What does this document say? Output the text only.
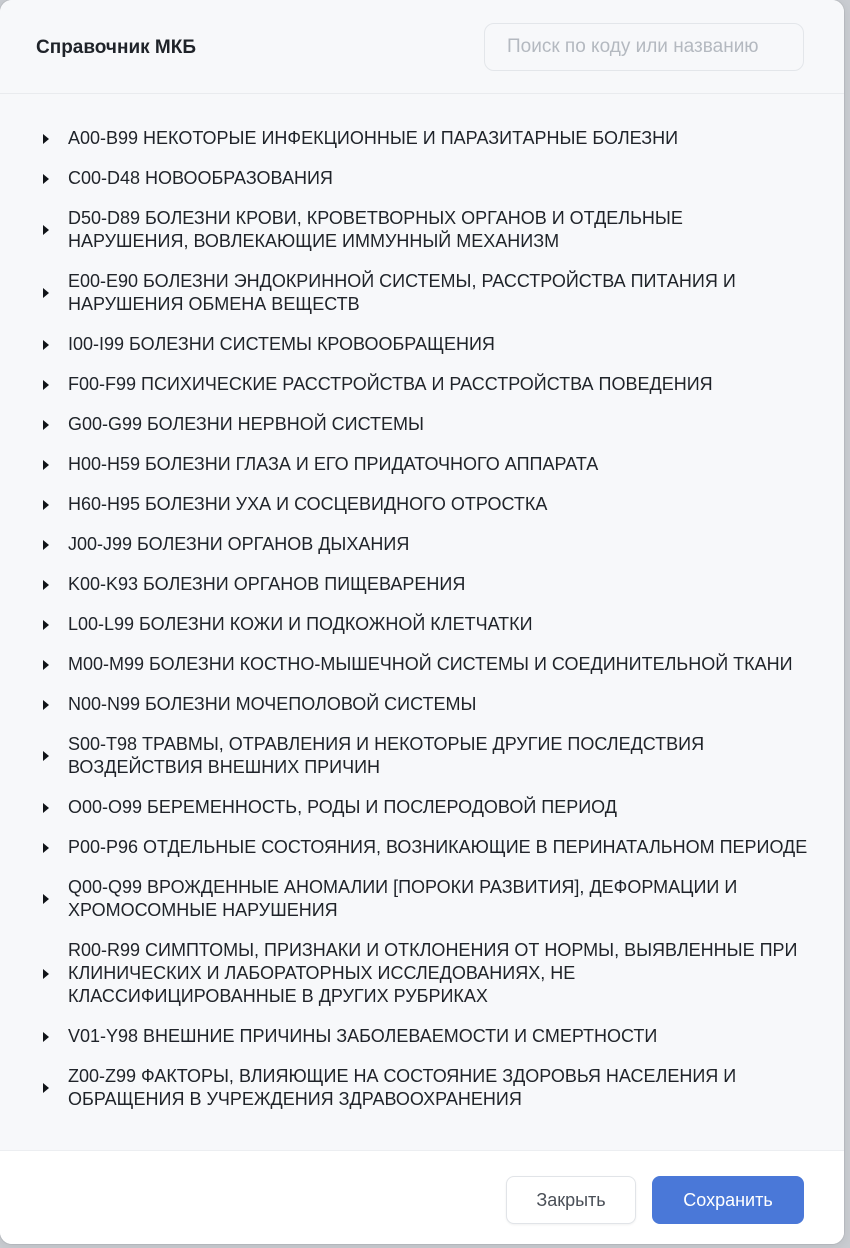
Справочник МКБ
Поиск по коду или названию
A00-B99 НЕКОТОРЫЕ ИНФЕКЦИОННЫЕ И ПАРАЗИТАРНЫЕ БОЛЕЗНИ
C00-D48 НОВООБРАЗОВАНИЯ
D50-D89 БОЛЕЗНИ КРОВИ, КРОВЕТВОРНЫХ ОРГАНОВ И ОТДЕЛЬНЫЕ НАРУШЕНИЯ, ВОВЛЕКАЮЩИЕ ИММУННЫЙ МЕХАНИЗМ
E00-E90 БОЛЕЗНИ ЭНДОКРИННОЙ СИСТЕМЫ, РАССТРОЙСТВА ПИТАНИЯ И НАРУШЕНИЯ ОБМЕНА ВЕЩЕСТВ
I00-I99 БОЛЕЗНИ СИСТЕМЫ КРОВООБРАЩЕНИЯ
F00-F99 ПСИХИЧЕСКИЕ РАССТРОЙСТВА И РАССТРОЙСТВА ПОВЕДЕНИЯ
G00-G99 БОЛЕЗНИ НЕРВНОЙ СИСТЕМЫ
H00-H59 БОЛЕЗНИ ГЛАЗА И ЕГО ПРИДАТОЧНОГО АППАРАТА
H60-H95 БОЛЕЗНИ УХА И СОСЦЕВИДНОГО ОТРОСТКА
J00-J99 БОЛЕЗНИ ОРГАНОВ ДЫХАНИЯ
K00-K93 БОЛЕЗНИ ОРГАНОВ ПИЩЕВАРЕНИЯ
L00-L99 БОЛЕЗНИ КОЖИ И ПОДКОЖНОЙ КЛЕТЧАТКИ
M00-M99 БОЛЕЗНИ КОСТНО-МЫШЕЧНОЙ СИСТЕМЫ И СОЕДИНИТЕЛЬНОЙ ТКАНИ
N00-N99 БОЛЕЗНИ МОЧЕПОЛОВОЙ СИСТЕМЫ
S00-T98 ТРАВМЫ, ОТРАВЛЕНИЯ И НЕКОТОРЫЕ ДРУГИЕ ПОСЛЕДСТВИЯ ВОЗДЕЙСТВИЯ ВНЕШНИХ ПРИЧИН
O00-O99 БЕРЕМЕННОСТЬ, РОДЫ И ПОСЛЕРОДОВОЙ ПЕРИОД
P00-P96 ОТДЕЛЬНЫЕ СОСТОЯНИЯ, ВОЗНИКАЮЩИЕ В ПЕРИНАТАЛЬНОМ ПЕРИОДЕ
Q00-Q99 ВРОЖДЕННЫЕ АНОМАЛИИ [ПОРОКИ РАЗВИТИЯ], ДЕФОРМАЦИИ И ХРОМОСОМНЫЕ НАРУШЕНИЯ
R00-R99 СИМПТОМЫ, ПРИЗНАКИ И ОТКЛОНЕНИЯ ОТ НОРМЫ, ВЫЯВЛЕННЫЕ ПРИ КЛИНИЧЕСКИХ И ЛАБОРАТОРНЫХ ИССЛЕДОВАНИЯХ, НЕ КЛАССИФИЦИРОВАННЫЕ В ДРУГИХ РУБРИКАХ
V01-Y98 ВНЕШНИЕ ПРИЧИНЫ ЗАБОЛЕВАЕМОСТИ И СМЕРТНОСТИ
Z00-Z99 ФАКТОРЫ, ВЛИЯЮЩИЕ НА СОСТОЯНИЕ ЗДОРОВЬЯ НАСЕЛЕНИЯ И ОБРАЩЕНИЯ В УЧРЕЖДЕНИЯ ЗДРАВООХРАНЕНИЯ
Закрыть	Сохранить
